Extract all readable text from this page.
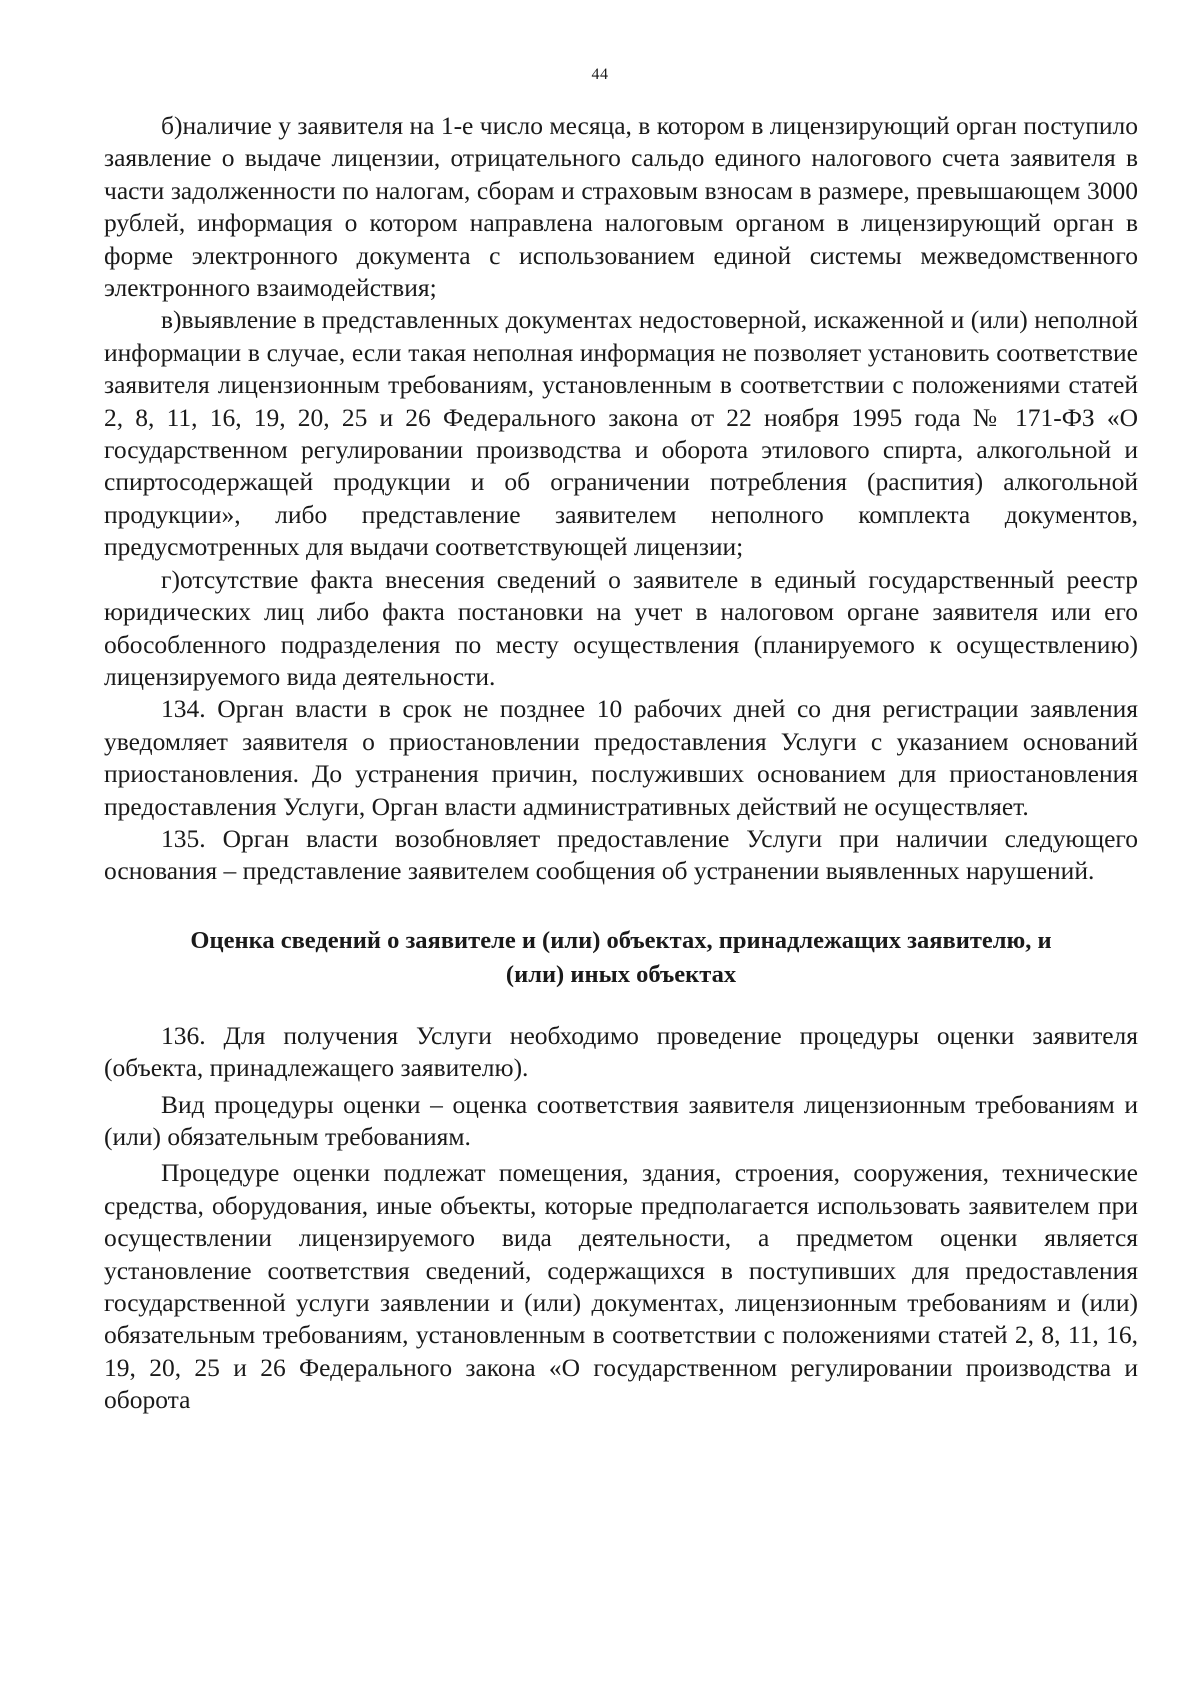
44

б)наличие у заявителя на 1-е число месяца, в котором в лицензирующий орган поступило заявление о выдаче лицензии, отрицательного сальдо единого налогового счета заявителя в части задолженности по налогам, сборам и страховым взносам в размере, превышающем 3000 рублей, информация о котором направлена налоговым органом в лицензирующий орган в форме электронного документа с использованием единой системы межведомственного электронного взаимодействия;

в)выявление в представленных документах недостоверной, искаженной и (или) неполной информации в случае, если такая неполная информация не позволяет установить соответствие заявителя лицензионным требованиям, установленным в соответствии с положениями статей 2, 8, 11, 16, 19, 20, 25 и 26 Федерального закона от 22 ноября 1995 года № 171-ФЗ «О государственном регулировании производства и оборота этилового спирта, алкогольной и спиртосодержащей продукции и об ограничении потребления (распития) алкогольной продукции», либо представление заявителем неполного комплекта документов, предусмотренных для выдачи соответствующей лицензии;

г)отсутствие факта внесения сведений о заявителе в единый государственный реестр юридических лиц либо факта постановки на учет в налоговом органе заявителя или его обособленного подразделения по месту осуществления (планируемого к осуществлению) лицензируемого вида деятельности.

134. Орган власти в срок не позднее 10 рабочих дней со дня регистрации заявления уведомляет заявителя о приостановлении предоставления Услуги с указанием оснований приостановления. До устранения причин, послуживших основанием для приостановления предоставления Услуги, Орган власти административных действий не осуществляет.

135. Орган власти возобновляет предоставление Услуги при наличии следующего основания – представление заявителем сообщения об устранении выявленных нарушений.

Оценка сведений о заявителе и (или) объектах, принадлежащих заявителю, и
(или) иных объектах

136. Для получения Услуги необходимо проведение процедуры оценки заявителя (объекта, принадлежащего заявителю).

Вид процедуры оценки – оценка соответствия заявителя лицензионным требованиям и (или) обязательным требованиям.

Процедуре оценки подлежат помещения, здания, строения, сооружения, технические средства, оборудования, иные объекты, которые предполагается использовать заявителем при осуществлении лицензируемого вида деятельности, а предметом оценки является установление соответствия сведений, содержащихся в поступивших для предоставления государственной услуги заявлении и (или) документах, лицензионным требованиям и (или) обязательным требованиям, установленным в соответствии с положениями статей 2, 8, 11, 16, 19, 20, 25 и 26 Федерального закона «О государственном регулировании производства и оборота
